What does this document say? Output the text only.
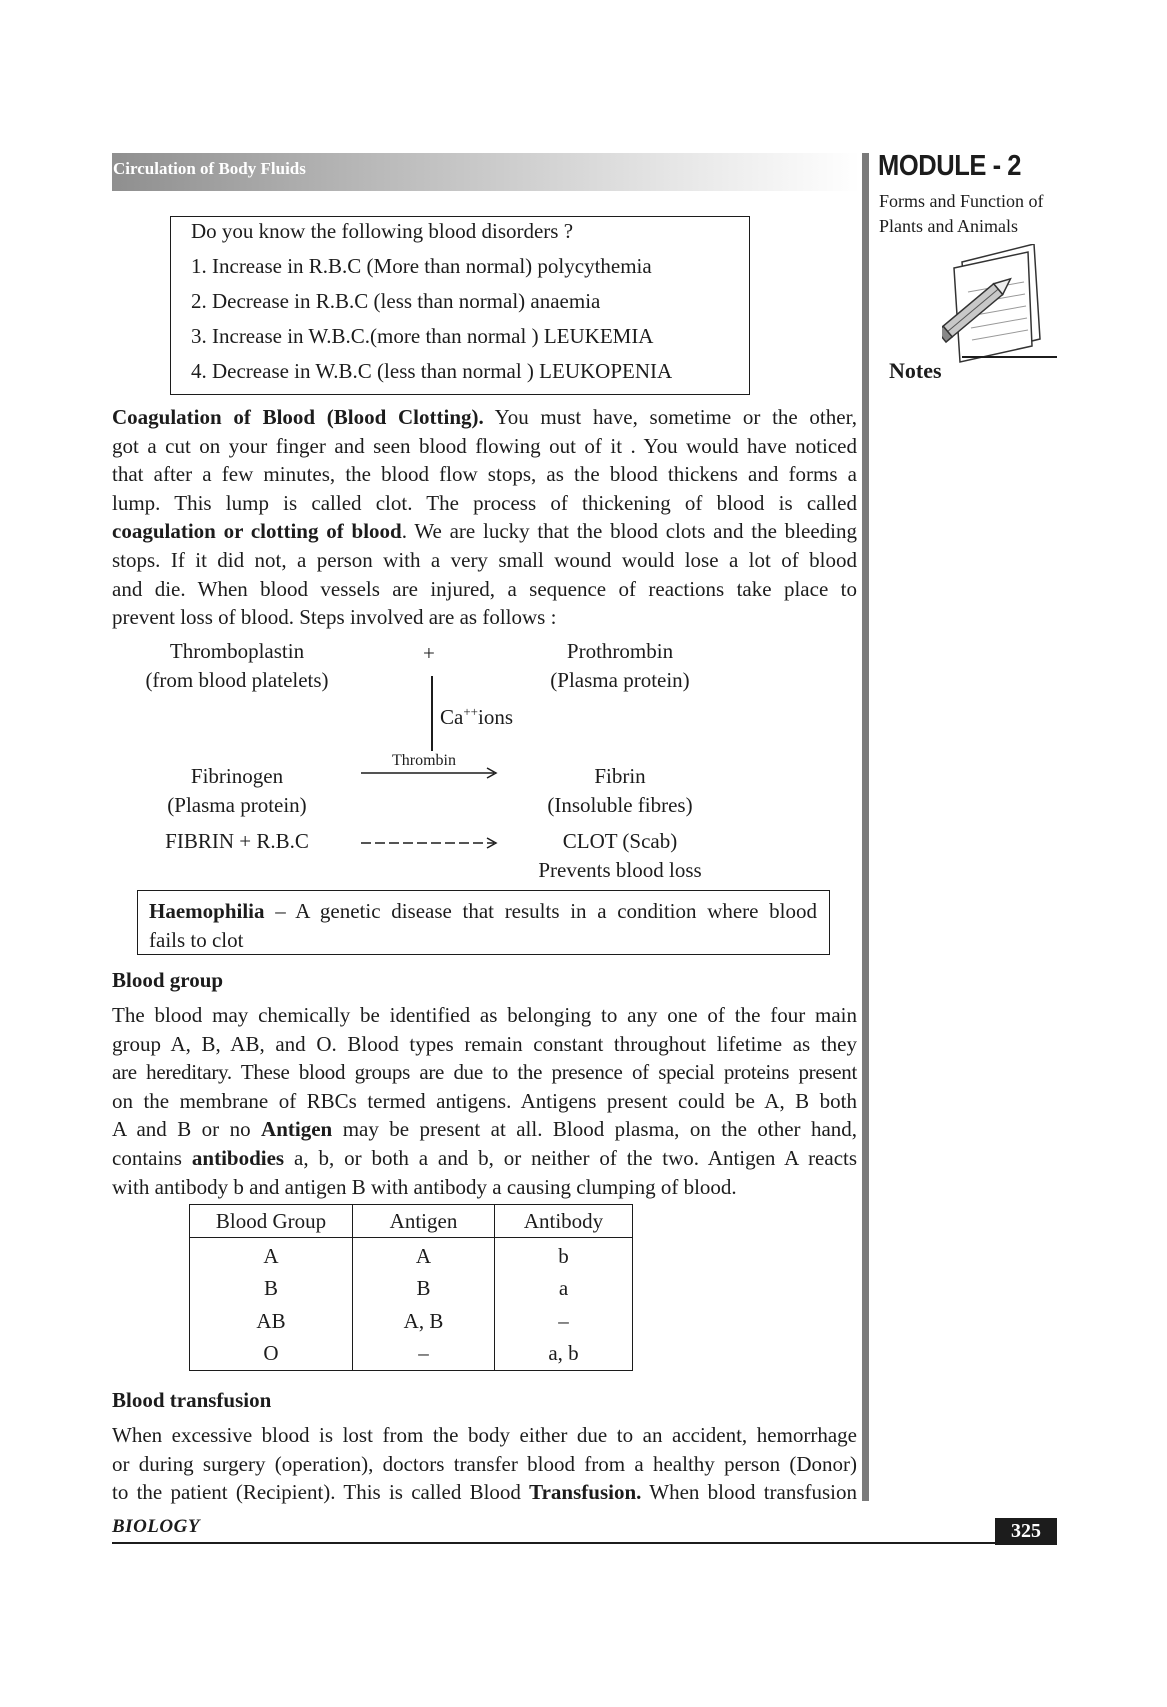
Circulation of Body Fluids	MODULE - 2
Forms and Function of
Plants and Animals
Notes
Do you know the following blood disorders ?
1. Increase in R.B.C (More than normal) polycythemia
2. Decrease in R.B.C (less than normal) anaemia
3. Increase in W.B.C.(more than normal ) LEUKEMIA
4. Decrease in W.B.C (less than normal ) LEUKOPENIA
Coagulation of Blood (Blood Clotting). You must have, sometime or the other,
got a cut on your finger and seen blood flowing out of it . You would have noticed
that after a few minutes, the blood flow stops, as the blood thickens and forms a
lump. This lump is called clot. The process of thickening of blood is called
coagulation or clotting of blood. We are lucky that the blood clots and the bleeding
stops. If it did not, a person with a very small wound would lose a lot of blood
and die. When blood vessels are injured, a sequence of reactions take place to
prevent loss of blood. Steps involved are as follows :
Thromboplastin
(from blood platelets)
+	Prothrombin
(Plasma protein)
Ca++ions
Thrombin
Fibrinogen
(Plasma protein)
Fibrin
(Insoluble fibres)
FIBRIN + R.B.C	CLOT (Scab)
Prevents blood loss
Haemophilia – A genetic disease that results in a condition where blood
fails to clot
Blood group
The blood may chemically be identified as belonging to any one of the four main
group A, B, AB, and O. Blood types remain constant throughout lifetime as they
are hereditary. These blood groups are due to the presence of special proteins present
on the membrane of RBCs termed antigens. Antigens present could be A, B both
A and B or no Antigen may be present at all. Blood plasma, on the other hand,
contains antibodies a, b, or both a and b, or neither of the two. Antigen A reacts
with antibody b and antigen B with antibody a causing clumping of blood.
Blood Group	Antigen	Antibody
A	A	b
B	B	a
AB	A, B	–
O	–	a, b
Blood transfusion
When excessive blood is lost from the body either due to an accident, hemorrhage
or during surgery (operation), doctors transfer blood from a healthy person (Donor)
to the patient (Recipient). This is called Blood Transfusion. When blood transfusion
BIOLOGY	325
